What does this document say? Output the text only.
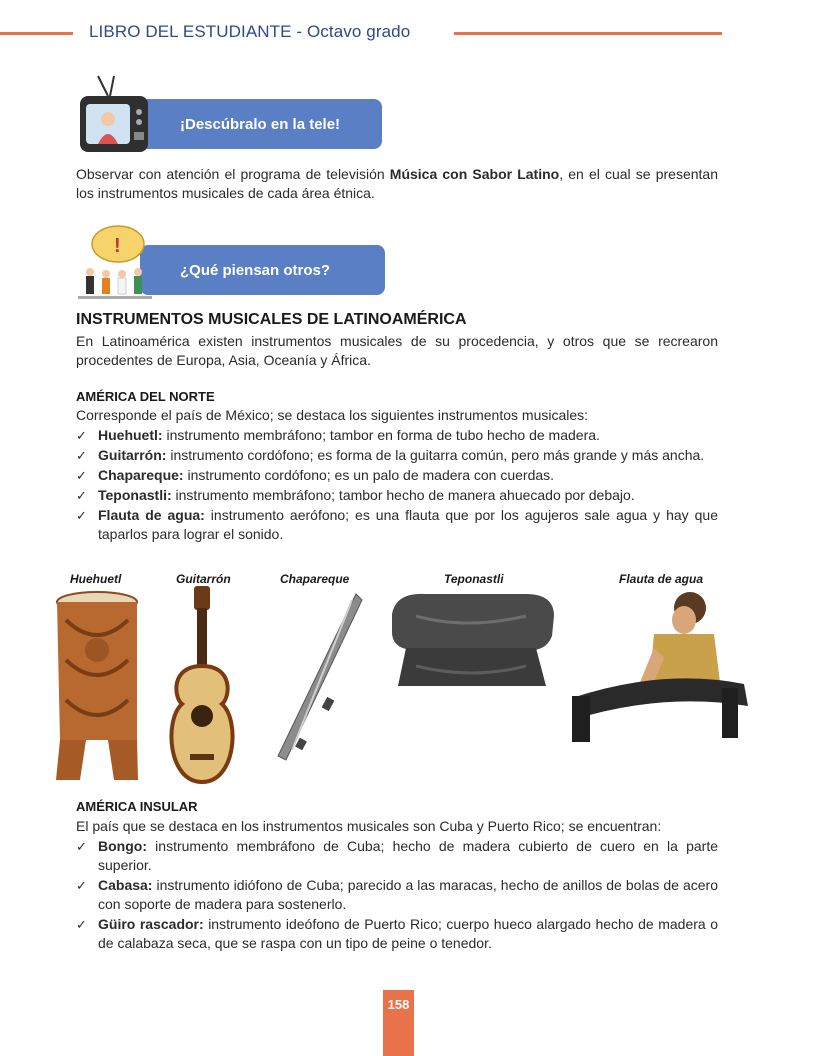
LIBRO DEL ESTUDIANTE - Octavo grado
¡Descúbralo en la tele!

Observar con atención el programa de televisión Música con Sabor Latino, en el cual se presentan los instrumentos musicales de cada área étnica.

¿Qué piensan otros?
!
INSTRUMENTOS MUSICALES DE LATINOAMÉRICA

En Latinoamérica existen instrumentos musicales de su procedencia, y otros que se recrearon procedentes de Europa, Asia, Oceanía y África.

AMÉRICA DEL NORTE

Corresponde el país de México; se destaca los siguientes instrumentos musicales:

✓ Huehuetl: instrumento membráfono; tambor en forma de tubo hecho de madera.
✓ Guitarrón: instrumento cordófono; es forma de la guitarra común, pero más grande y más ancha.
✓ Chapareque: instrumento cordófono; es un palo de madera con cuerdas.
✓ Teponastli: instrumento membráfono; tambor hecho de manera ahuecado por debajo.
✓ Flauta de agua: instrumento aerófono; es una flauta que por los agujeros sale agua y hay que taparlos para lograr el sonido.
Huehuetl	Guitarrón	Chapareque	Teponastli	Flauta de agua
AMÉRICA INSULAR

El país que se destaca en los instrumentos musicales son Cuba y Puerto Rico; se encuentran:

✓ Bongo: instrumento membráfono de Cuba; hecho de madera cubierto de cuero en la parte superior.
✓ Cabasa: instrumento idiófono de Cuba; parecido a las maracas, hecho de anillos de bolas de acero con soporte de madera para sostenerlo.
✓ Güiro rascador: instrumento ideófono de Puerto Rico; cuerpo hueco alargado hecho de madera o de calabaza seca, que se raspa con un tipo de peine o tenedor.
158
